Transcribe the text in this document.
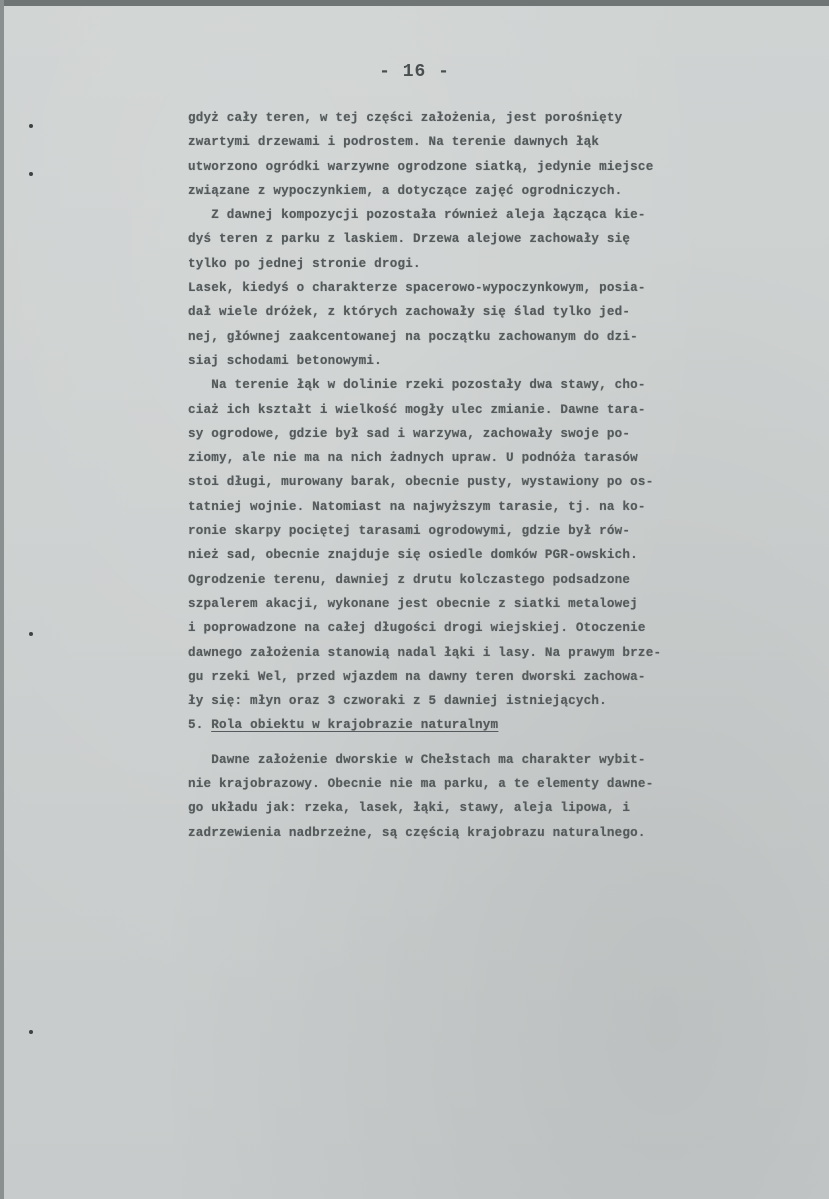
- 16 -
gdyż cały teren, w tej części założenia, jest porośnięty
zwartymi drzewami i podrostem. Na terenie dawnych łąk
utworzono ogródki warzywne ogrodzone siatką, jedynie miejsce
związane z wypoczynkiem, a dotyczące zajęć ogrodniczych.
Z dawnej kompozycji pozostała również aleja łącząca kie-
dyś teren z parku z laskiem. Drzewa alejowe zachowały się
tylko po jednej stronie drogi.
Lasek, kiedyś o charakterze spacerowo-wypoczynkowym, posia-
dał wiele dróżek, z których zachowały się ślad tylko jed-
nej, głównej zaakcentowanej na początku zachowanym do dzi-
siaj schodami betonowymi.
Na terenie łąk w dolinie rzeki pozostały dwa stawy, cho-
ciaż ich kształt i wielkość mogły ulec zmianie. Dawne tara-
sy ogrodowe, gdzie był sad i warzywa, zachowały swoje po-
ziomy, ale nie ma na nich żadnych upraw. U podnóża tarasów
stoi długi, murowany barak, obecnie pusty, wystawiony po os-
tatniej wojnie. Natomiast na najwyższym tarasie, tj. na ko-
ronie skarpy pociętej tarasami ogrodowymi, gdzie był rów-
nież sad, obecnie znajduje się osiedle domków PGR-owskich.
Ogrodzenie terenu, dawniej z drutu kolczastego podsadzone
szpalerem akacji, wykonane jest obecnie z siatki metalowej
i poprowadzone na całej długości drogi wiejskiej. Otoczenie
dawnego założenia stanowią nadal łąki i lasy. Na prawym brze-
gu rzeki Wel, przed wjazdem na dawny teren dworski zachowa-
ły się: młyn oraz 3 czworaki z 5 dawniej istniejących.
5. Rola obiektu w krajobrazie naturalnym
Dawne założenie dworskie w Chełstach ma charakter wybit-
nie krajobrazowy. Obecnie nie ma parku, a te elementy dawne-
go układu jak: rzeka, lasek, łąki, stawy, aleja lipowa, i
zadrzewienia nadbrzeżne, są częścią krajobrazu naturalnego.
